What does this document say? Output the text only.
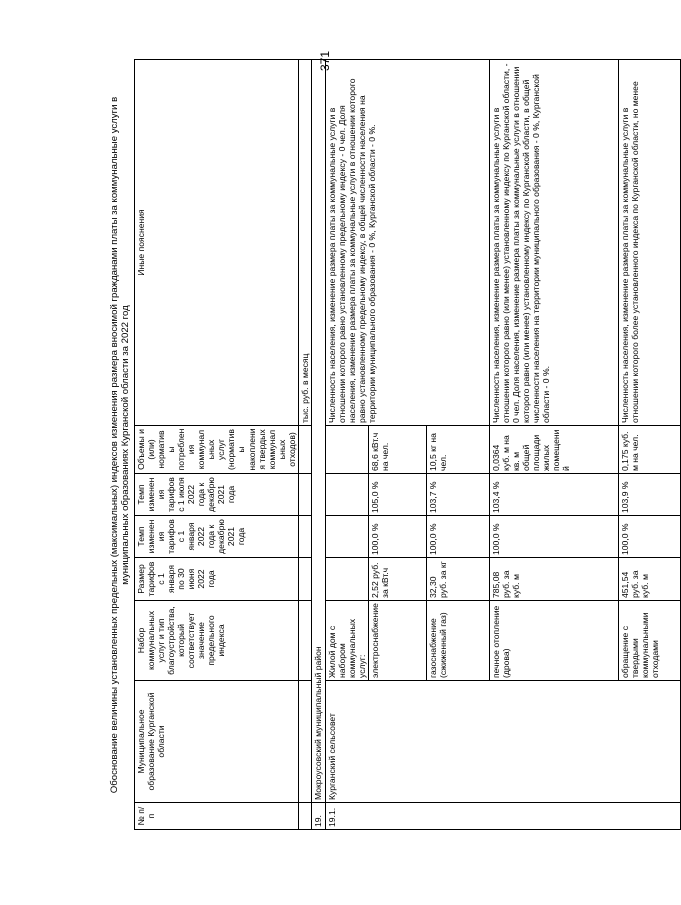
371

Обоснование величины установленных предельных (максимальных) индексов изменения размера вносимой гражданами платы за коммунальные услуги в муниципальных образованиях Курганской области за 2022 год

№ п/п	Муниципальное образование Курганской области	Набор коммунальных услуг и тип благоустройства, который соответствует значение предельного индекса	Размер тарифов с 1 января по 30 июня 2022 года	Темп изменения тарифов с 1 января 2022 года к декабрю 2021 года	Темп изменения тарифов с 1 июля 2022 года к декабрю 2021 года	Объемы и (или) нормативы потребления коммунальных услуг (нормативы накопления твердых коммунальных отходов)	Иные пояснения
							тыс. руб. в месяц
19.	Мокроусовский муниципальный район						
19.1.	Курганский сельсовет	Жилой дом с набором коммунальных услуг:					Численность населения, изменение размера платы за коммунальные услуги в отношении которого равно установленному предельному индексу - 0 чел. Доля населения, изменение размера платы за коммунальные услуги в отношении которого равно установленному предельному индексу, в общей численности населения на территории муниципального образования - 0 %, Курганской области - 0 %.
		электроснабжение	2,52 руб. за кВт.ч	100,0 %	105,0 %	68,6 кВт.ч на чел.	
		газоснабжение (сжиженный газ)	32,30 руб. за кг	100,0 %	103,7 %	10,5 кг на чел.	
		печное отопление (дрова)	785,08 руб. за куб. м	100,0 %	103,4 %	0,0364 куб. м на кв. м общей площади жилых помещений	Численность населения, изменение размера платы за коммунальные услуги в отношении которого равно (или менее) установленному индексу по Курганской области, - 0 чел. Доля населения, изменение размера платы за коммунальные услуги в отношении которого равно (или менее) установленному индексу по Курганской области, в общей численности населения на территории муниципального образования - 0 %, Курганской области - 0 %.
		обращение с твердыми коммунальными отходами	451,54 руб. за куб. м	100,0 %	103,9 %	0,175 куб. м на чел.	Численность населения, изменение размера платы за коммунальные услуги в отношении которого более установленного индекса по Курганской области, но менее
